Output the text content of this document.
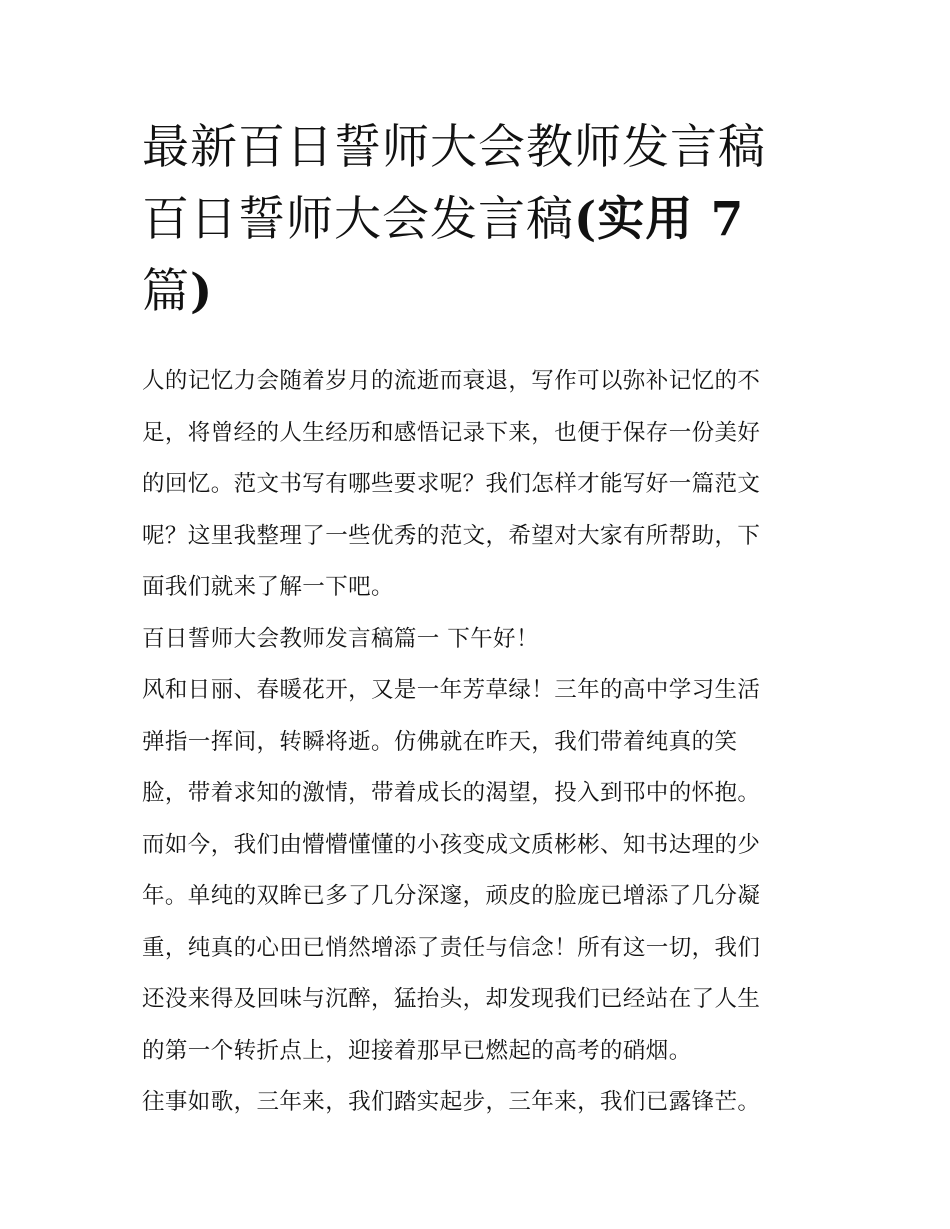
最新百日誓师大会教师发言稿
百日誓师大会发言稿(实用 7
篇)

人的记忆力会随着岁月的流逝而衰退，写作可以弥补记忆的不
足，将曾经的人生经历和感悟记录下来，也便于保存一份美好
的回忆。范文书写有哪些要求呢？我们怎样才能写好一篇范文
呢？这里我整理了一些优秀的范文，希望对大家有所帮助，下
面我们就来了解一下吧。

百日誓师大会教师发言稿篇一 下午好！

风和日丽、春暖花开，又是一年芳草绿！三年的高中学习生活
弹指一挥间，转瞬将逝。仿佛就在昨天，我们带着纯真的笑
脸，带着求知的激情，带着成长的渴望，投入到邗中的怀抱。
而如今，我们由懵懵懂懂的小孩变成文质彬彬、知书达理的少
年。单纯的双眸已多了几分深邃，顽皮的脸庞已增添了几分凝
重，纯真的心田已悄然增添了责任与信念！所有这一切，我们
还没来得及回味与沉醉，猛抬头，却发现我们已经站在了人生
的第一个转折点上，迎接着那早已燃起的高考的硝烟。

往事如歌，三年来，我们踏实起步，三年来，我们已露锋芒。
